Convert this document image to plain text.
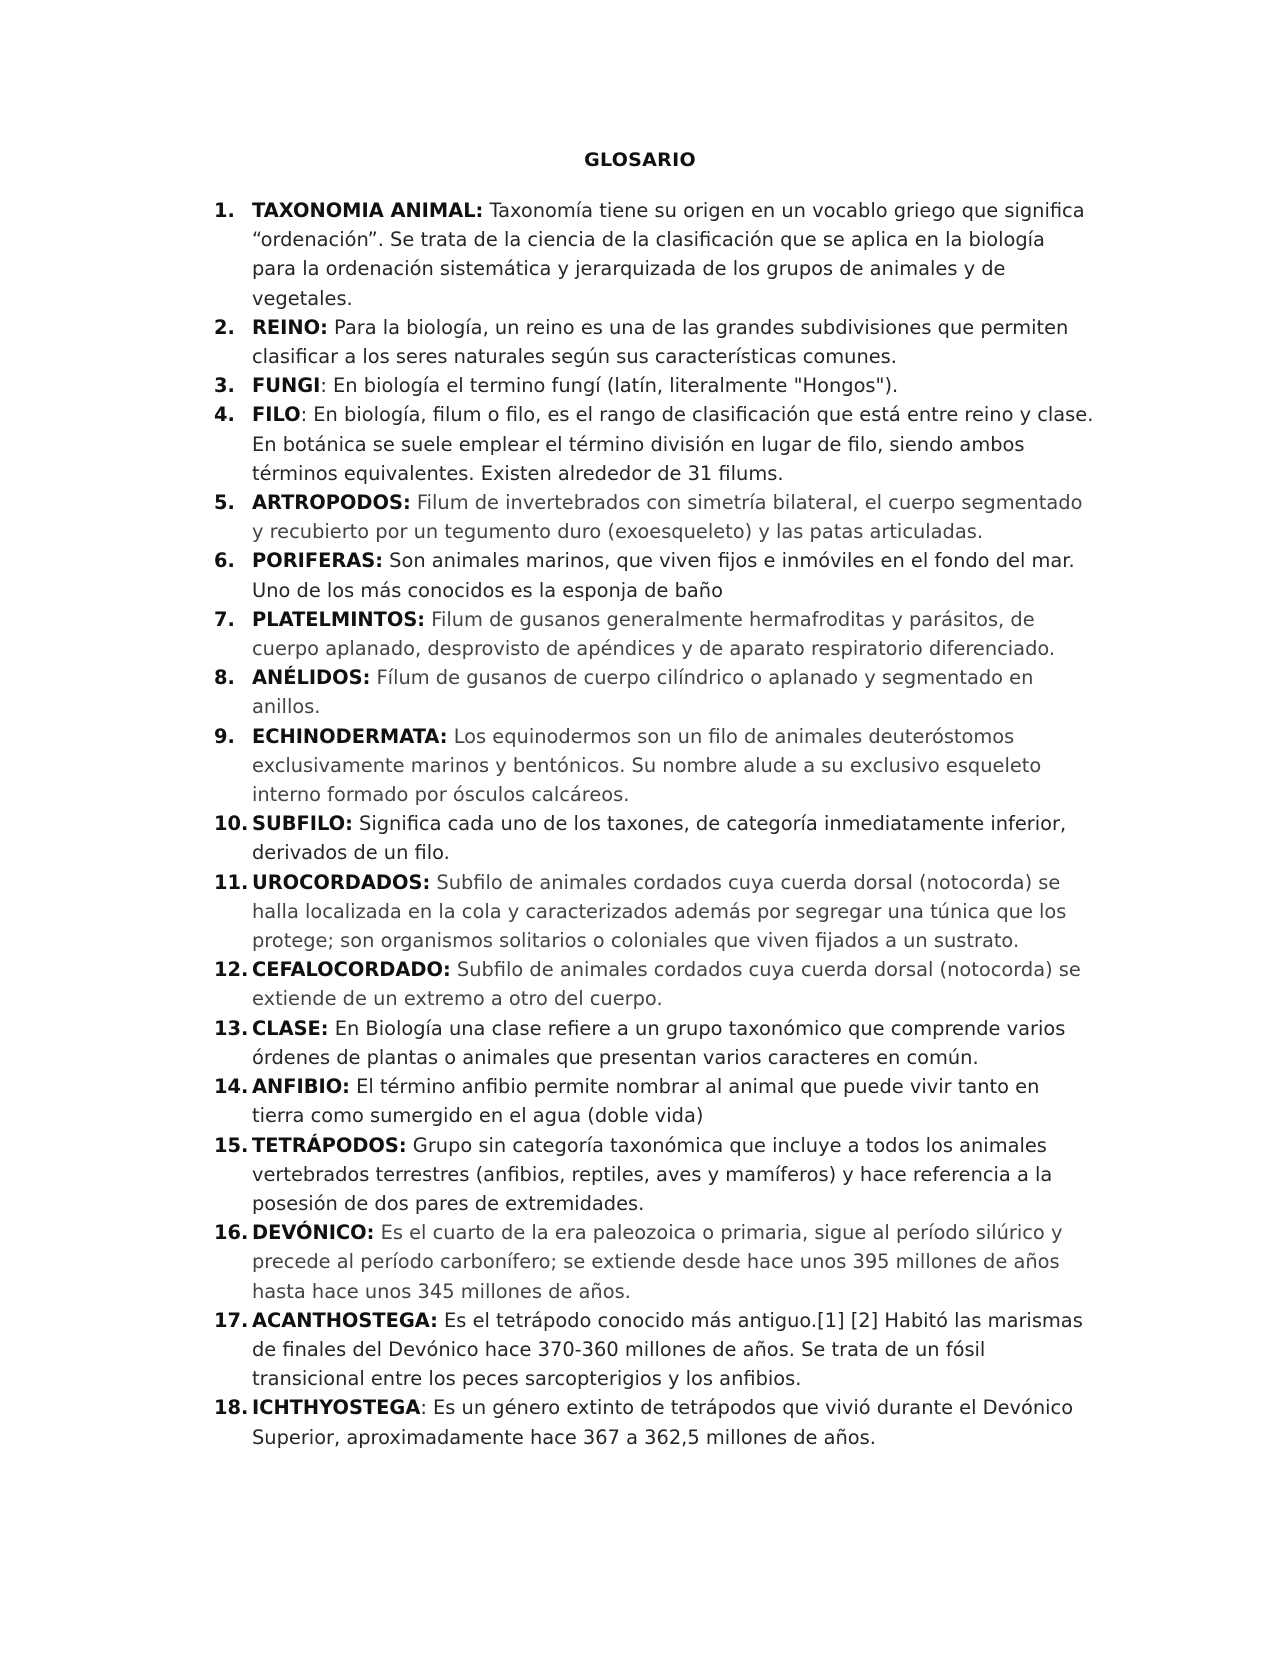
GLOSARIO
1. TAXONOMIA ANIMAL: Taxonomía tiene su origen en un vocablo griego que significa “ordenación”. Se trata de la ciencia de la clasificación que se aplica en la biología para la ordenación sistemática y jerarquizada de los grupos de animales y de vegetales.
2. REINO: Para la biología, un reino es una de las grandes subdivisiones que permiten clasificar a los seres naturales según sus características comunes.
3. FUNGI: En biología el termino fungí (latín, literalmente "Hongos").
4. FILO: En biología, filum o filo, es el rango de clasificación que está entre reino y clase. En botánica se suele emplear el término división en lugar de filo, siendo ambos términos equivalentes. Existen alrededor de 31 filums.
5. ARTROPODOS: Filum de invertebrados con simetría bilateral, el cuerpo segmentado y recubierto por un tegumento duro (exoesqueleto) y las patas articuladas.
6. PORIFERAS: Son animales marinos, que viven fijos e inmóviles en el fondo del mar. Uno de los más conocidos es la esponja de baño
7. PLATELMINTOS: Filum de gusanos generalmente hermafroditas y parásitos, de cuerpo aplanado, desprovisto de apéndices y de aparato respiratorio diferenciado.
8. ANÉLIDOS: Fílum de gusanos de cuerpo cilíndrico o aplanado y segmentado en anillos.
9. ECHINODERMATA: Los equinodermos son un filo de animales deuteróstomos exclusivamente marinos y bentónicos. Su nombre alude a su exclusivo esqueleto interno formado por ósculos calcáreos.
10. SUBFILO: Significa cada uno de los taxones, de categoría inmediatamente inferior, derivados de un filo.
11. UROCORDADOS: Subfilo de animales cordados cuya cuerda dorsal (notocorda) se halla localizada en la cola y caracterizados además por segregar una túnica que los protege; son organismos solitarios o coloniales que viven fijados a un sustrato.
12. CEFALOCORDADO: Subfilo de animales cordados cuya cuerda dorsal (notocorda) se extiende de un extremo a otro del cuerpo.
13. CLASE: En Biología una clase refiere a un grupo taxonómico que comprende varios órdenes de plantas o animales que presentan varios caracteres en común.
14. ANFIBIO: El término anfibio permite nombrar al animal que puede vivir tanto en tierra como sumergido en el agua (doble vida)
15. TETRÁPODOS: Grupo sin categoría taxonómica que incluye a todos los animales vertebrados terrestres (anfibios, reptiles, aves y mamíferos) y hace referencia a la posesión de dos pares de extremidades.
16. DEVÓNICO: Es el cuarto de la era paleozoica o primaria, sigue al período silúrico y precede al período carbonífero; se extiende desde hace unos 395 millones de años hasta hace unos 345 millones de años.
17. ACANTHOSTEGA: Es el tetrápodo conocido más antiguo.[1] [2] Habitó las marismas de finales del Devónico hace 370-360 millones de años. Se trata de un fósil transicional entre los peces sarcopterigios y los anfibios.
18. ICHTHYOSTEGA: Es un género extinto de tetrápodos que vivió durante el Devónico Superior, aproximadamente hace 367 a 362,5 millones de años.
